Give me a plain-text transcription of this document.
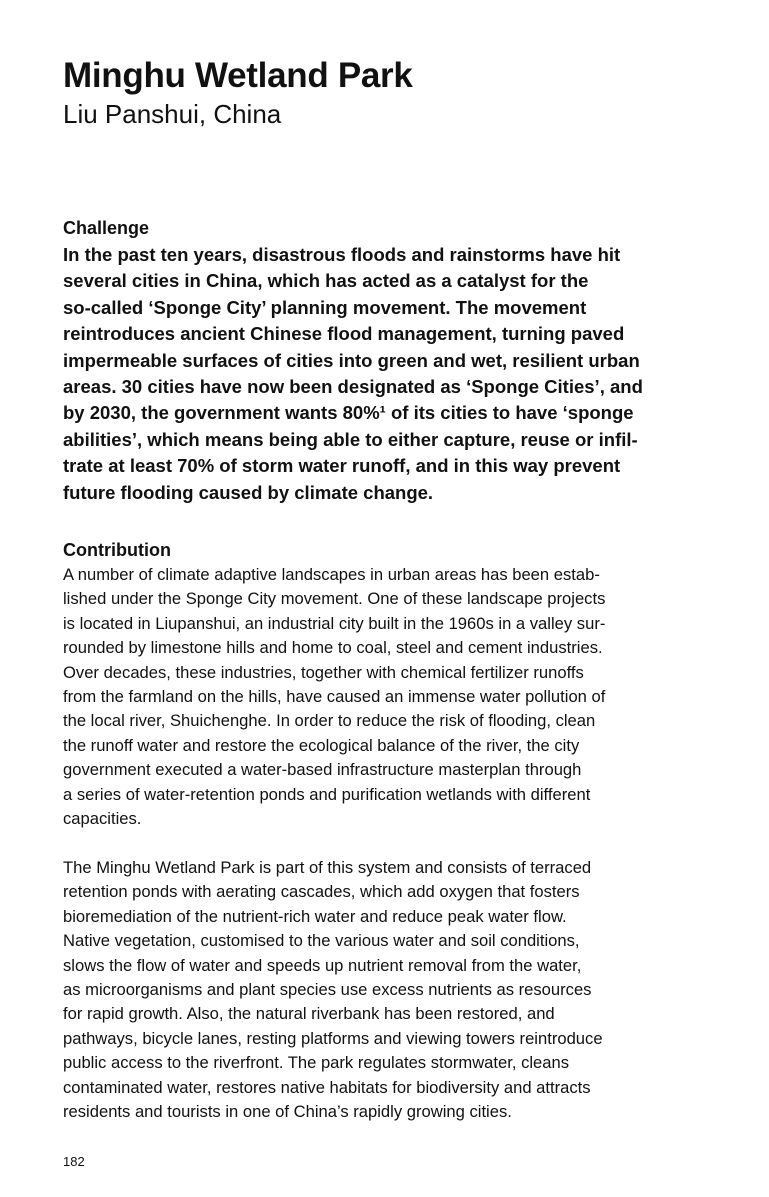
Minghu Wetland Park
Liu Panshui, China
Challenge

In the past ten years, disastrous floods and rainstorms have hit
several cities in China, which has acted as a catalyst for the
so-called ‘Sponge City’ planning movement. The movement
reintroduces ancient Chinese flood management, turning paved
impermeable surfaces of cities into green and wet, resilient urban
areas. 30 cities have now been designated as ‘Sponge Cities’, and
by 2030, the government wants 80%¹ of its cities to have ‘sponge
abilities’, which means being able to either capture, reuse or infil-
trate at least 70% of storm water runoff, and in this way prevent
future flooding caused by climate change.

Contribution

A number of climate adaptive landscapes in urban areas has been estab-
lished under the Sponge City movement. One of these landscape projects
is located in Liupanshui, an industrial city built in the 1960s in a valley sur-
rounded by limestone hills and home to coal, steel and cement industries.
Over decades, these industries, together with chemical fertilizer runoffs
from the farmland on the hills, have caused an immense water pollution of
the local river, Shuichenghe. In order to reduce the risk of flooding, clean
the runoff water and restore the ecological balance of the river, the city
government executed a water-based infrastructure masterplan through
a series of water-retention ponds and purification wetlands with different
capacities.

The Minghu Wetland Park is part of this system and consists of terraced
retention ponds with aerating cascades, which add oxygen that fosters
bioremediation of the nutrient-rich water and reduce peak water flow.
Native vegetation, customised to the various water and soil conditions,
slows the flow of water and speeds up nutrient removal from the water,
as microorganisms and plant species use excess nutrients as resources
for rapid growth. Also, the natural riverbank has been restored, and
pathways, bicycle lanes, resting platforms and viewing towers reintroduce
public access to the riverfront. The park regulates stormwater, cleans
contaminated water, restores native habitats for biodiversity and attracts
residents and tourists in one of China’s rapidly growing cities.

182
